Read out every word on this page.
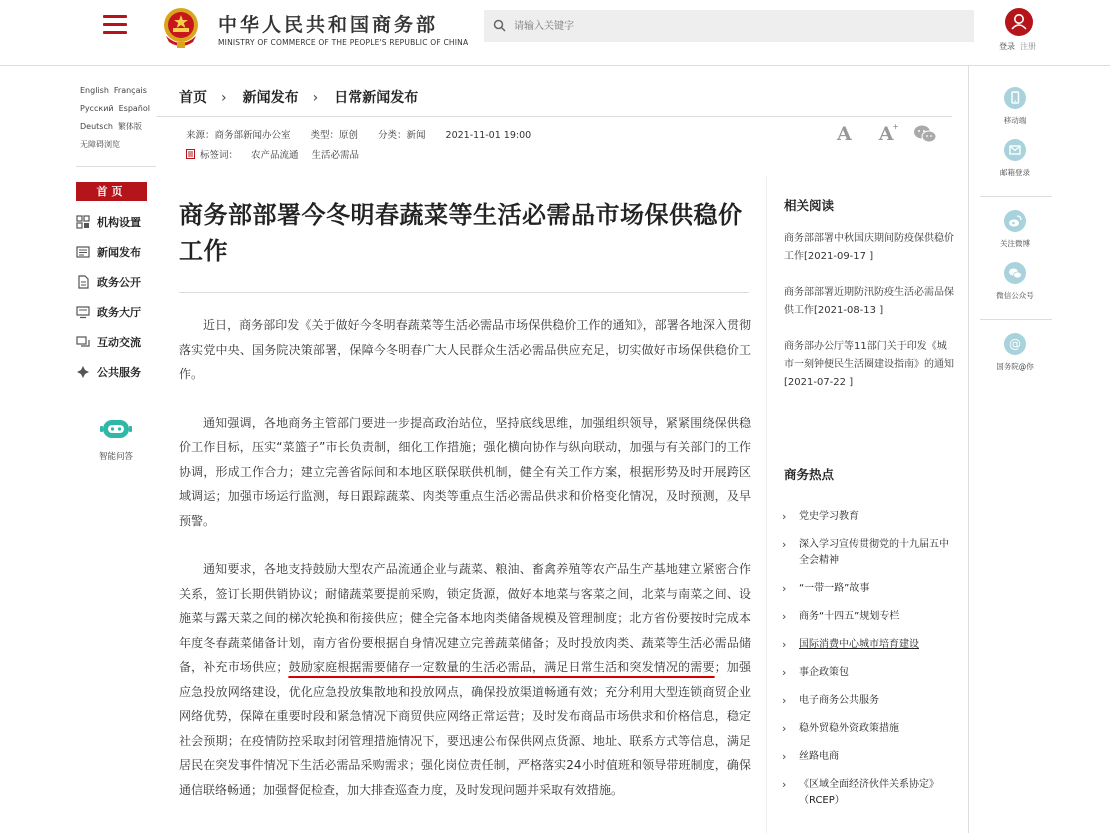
中华人民共和国商务部
MINISTRY OF COMMERCE OF THE PEOPLE'S REPUBLIC OF CHINA
请输入关键字	登录 注册
English Français
Русский Español
Deutsch 繁体版
无障碍浏览
首页
机构设置
新闻发布
政务公开
政务大厅
互动交流
公共服务
智能问答
首页 › 新闻发布 › 日常新闻发布
来源：商务部新闻办公室 类型：原创 分类：新闻 2021-11-01 19:00
标签词： 农产品流通 生活必需品
A A +
商务部部署今冬明春蔬菜等生活必需品市场保供稳价工作

近日，商务部印发《关于做好今冬明春蔬菜等生活必需品市场保供稳价工作的通知》，部署各地深入贯彻落实党中央、国务院决策部署，保障今冬明春广大人民群众生活必需品供应充足，切实做好市场保供稳价工作。

通知强调，各地商务主管部门要进一步提高政治站位，坚持底线思维，加强组织领导，紧紧围绕保供稳价工作目标，压实“菜篮子”市长负责制，细化工作措施；强化横向协作与纵向联动，加强与有关部门的工作协调，形成工作合力；建立完善省际间和本地区联保联供机制，健全有关工作方案，根据形势及时开展跨区域调运；加强市场运行监测，每日跟踪蔬菜、肉类等重点生活必需品供求和价格变化情况，及时预测，及早预警。

通知要求，各地支持鼓励大型农产品流通企业与蔬菜、粮油、畜禽养殖等农产品生产基地建立紧密合作关系，签订长期供销协议；耐储蔬菜要提前采购，锁定货源，做好本地菜与客菜之间，北菜与南菜之间、设施菜与露天菜之间的梯次轮换和衔接供应；健全完备本地肉类储备规模及管理制度；北方省份要按时完成本年度冬春蔬菜储备计划，南方省份要根据自身情况建立完善蔬菜储备；及时投放肉类、蔬菜等生活必需品储备，补充市场供应；鼓励家庭根据需要储存一定数量的生活必需品，满足日常生活和突发情况的需要；加强应急投放网络建设，优化应急投放集散地和投放网点，确保投放渠道畅通有效；充分利用大型连锁商贸企业网络优势，保障在重要时段和紧急情况下商贸供应网络正常运营；及时发布商品市场供求和价格信息，稳定社会预期；在疫情防控采取封闭管理措施情况下，要迅速公布保供网点货源、地址、联系方式等信息，满足居民在突发事件情况下生活必需品采购需求；强化岗位责任制，严格落实24小时值班和领导带班制度，确保通信联络畅通；加强督促检查，加大排查巡查力度，及时发现问题并采取有效措施。

相关阅读
商务部部署中秋国庆期间防疫保供稳价工作[2021-09-17 ]
商务部部署近期防汛防疫生活必需品保供工作[2021-08-13 ]
商务部办公厅等11部门关于印发《城市一刻钟便民生活圈建设指南》的通知[2021-07-22 ]
商务热点
› 党史学习教育
› 深入学习宣传贯彻党的十九届五中全会精神
› “一带一路”故事
› 商务“十四五”规划专栏
› 国际消费中心城市培育建设
› 事企政策包
› 电子商务公共服务
› 稳外贸稳外资政策措施
› 丝路电商
› 《区域全面经济伙伴关系协定》（RCEP）
移动端
邮箱登录
关注微博
微信公众号
@
国务院@你
